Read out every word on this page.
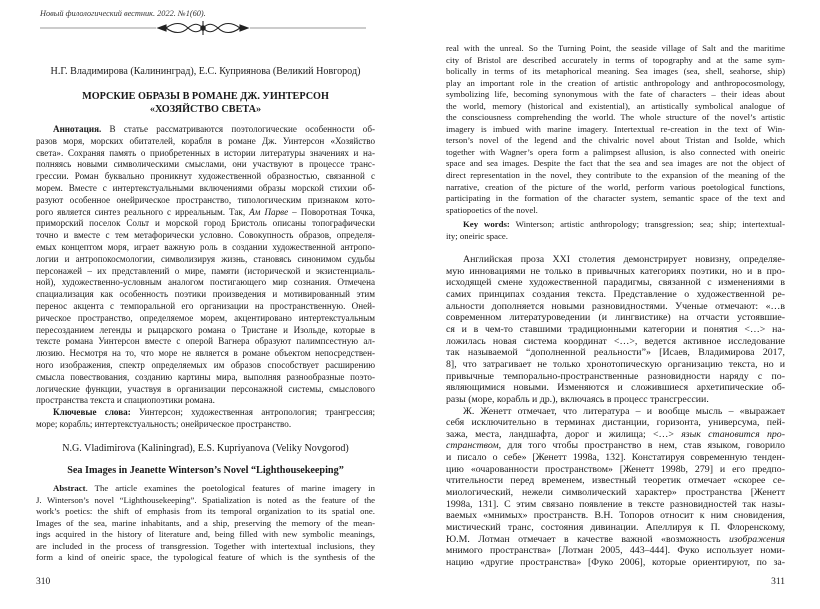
Новый филологический вестник. 2022. №1(60).
Н.Г. Владимирова (Калининград), Е.С. Куприянова (Великий Новгород)
МОРСКИЕ ОБРАЗЫ В РОМАНЕ ДЖ. УИНТЕРСОН
«ХОЗЯЙСТВО СВЕТА»
Аннотация. В статье рассматриваются поэтологические особенности об-
разов моря, морских обитателей, корабля в романе Дж. Уинтерсон «Хозяйство
света». Сохраняя память о приобретенных в истории литературы значениях и на-
полняясь новыми символическими смыслами, они участвуют в процессе транс-
грессии. Роман буквально проникнут художественной образностью, связанной с
морем. Вместе с интертекстуальными включениями образы морской стихии об-
разуют особенное онейрическое пространство, типологическим признаком кото-
рого является синтез реального с ирреальным. Так, Ам Парве – Поворотная Точка,
приморский поселок Сольт и морской город Бристоль описаны топографически
точно и вместе с тем метафорически условно. Совокупность образов, определя-
емых концептом моря, играет важную роль в создании художественной антропо-
логии и антропокосмологии, символизируя жизнь, становясь синонимом судьбы
персонажей – их представлений о мире, памяти (исторической и экзистенциаль-
ной), художественно-условным аналогом постигающего мир сознания. Отмечена
спациализация как особенность поэтики произведения и мотивированный этим
перенос акцента с темпоральной его организации на пространственную. Оней-
рическое пространство, определяемое морем, акцентировано интертекстуальным
пересозданием легенды и рыцарского романа о Тристане и Изольде, которые в
тексте романа Уинтерсон вместе с оперой Вагнера образуют палимпсестную ал-
люзию. Несмотря на то, что море не является в романе объектом непосредствен-
ного изображения, спектр определяемых им образов способствует расширению
смысла повествования, созданию картины мира, выполняя разнообразные поэто-
логические функции, участвуя в организации персонажной системы, смыслового
пространства текста и спациопоэтики романа.
Ключевые слова: Уинтерсон; художественная антропология; трангрессия;
море; корабль; интертекстуальность; онейрическое пространство.
N.G. Vladimirova (Kaliningrad), E.S. Kupriyanova (Veliky Novgorod)
Sea Images in Jeanette Winterson’s Novel “Lighthousekeeping”
Abstract. The article examines the poetological features of marine imagery in
J. Winterson’s novel “Lighthousekeeping”. Spatialization is noted as the feature of the
work’s poetics: the shift of emphasis from its temporal organization to its spatial one.
Images of the sea, marine inhabitants, and a ship, preserving the memory of the mean-
ings acquired in the history of literature and, being filled with new symbolic meanings,
are included in the process of transgression. Together with intertextual inclusions, they
form a kind of oneiric space, the typological feature of which is the synthesis of the
310
real with the unreal. So the Turning Point, the seaside village of Salt and the maritime
city of Bristol are described accurately in terms of topography and at the same sym-
bolically in terms of its metaphorical meaning. Sea images (sea, shell, seahorse, ship)
play an important role in the creation of artistic anthropology and anthropocosmology,
symbolizing life, becoming synonymous with the fate of characters – their ideas about
the world, memory (historical and existential), an artistically symbolical analogue of
the consciousness comprehending the world. The whole structure of the novel’s artistic
imagery is imbued with marine imagery. Intertextual re-creation in the text of Win-
terson’s novel of the legend and the chivalric novel about Tristan and Isolde, which
together with Wagner’s opera form a palimpsest allusion, is also connected with oneiric
space and sea images. Despite the fact that the sea and sea images are not the object of
direct representation in the novel, they contribute to the expansion of the meaning of the
narrative, creation of the picture of the world, perform various poetological functions,
participating in the formation of the character system, semantic space of the text and
spatiopoetics of the novel.
Key words: Winterson; artistic anthropology; transgression; sea; ship; intertextual-
ity; oneiric space.
Английская проза XXI столетия демонстрирует новизну, определяе-
мую инновациями не только в привычных категориях поэтики, но и в про-
исходящей смене художественной парадигмы, связанной с изменениями в
самих принципах создания текста. Представление о художественной ре-
альности дополняется новыми разновидностями. Ученые отмечают: «…в
современном литературоведении (и лингвистике) на отчасти устоявшие-
ся и в чем-то ставшими традиционными категории и понятия <…> на-
ложилась новая система координат <…>, ведется активное исследование
так называемой “дополненной реальности”» [Исаев, Владимирова 2017,
8], что затрагивает не только хронотопическую организацию текста, но и
привычные темпорально-пространственные разновидности наряду с по-
являющимися новыми. Изменяются и сложившиеся архетипические об-
разы (море, корабль и др.), включаясь в процесс трансгрессии.
Ж. Женетт отмечает, что литература – и вообще мысль – «выражает
себя исключительно в терминах дистанции, горизонта, универсума, пей-
зажа, места, ландшафта, дорог и жилища; <…> язык становится про-
странством, для того чтобы пространство в нем, став языком, говорило
и писало о себе» [Женетт 1998a, 132]. Констатируя современную тенден-
цию «очарованности пространством» [Женетт 1998b, 279] и его предпо-
чтительности перед временем, известный теоретик отмечает «скорее се-
миологический, нежели символический характер» пространства [Женетт
1998a, 131]. С этим связано появление в тексте разновидностей так назы-
ваемых «мнимых» пространств. В.Н. Топоров относит к ним сновидения,
мистический транс, состояния дивинации. Апеллируя к П. Флоренскому,
Ю.М. Лотман отмечает в качестве важной «возможность изображения
мнимого пространства» [Лотман 2005, 443–444]. Фуко использует номи-
нацию «другие пространства» [Фуко 2006], которые ориентируют, по за-
311
